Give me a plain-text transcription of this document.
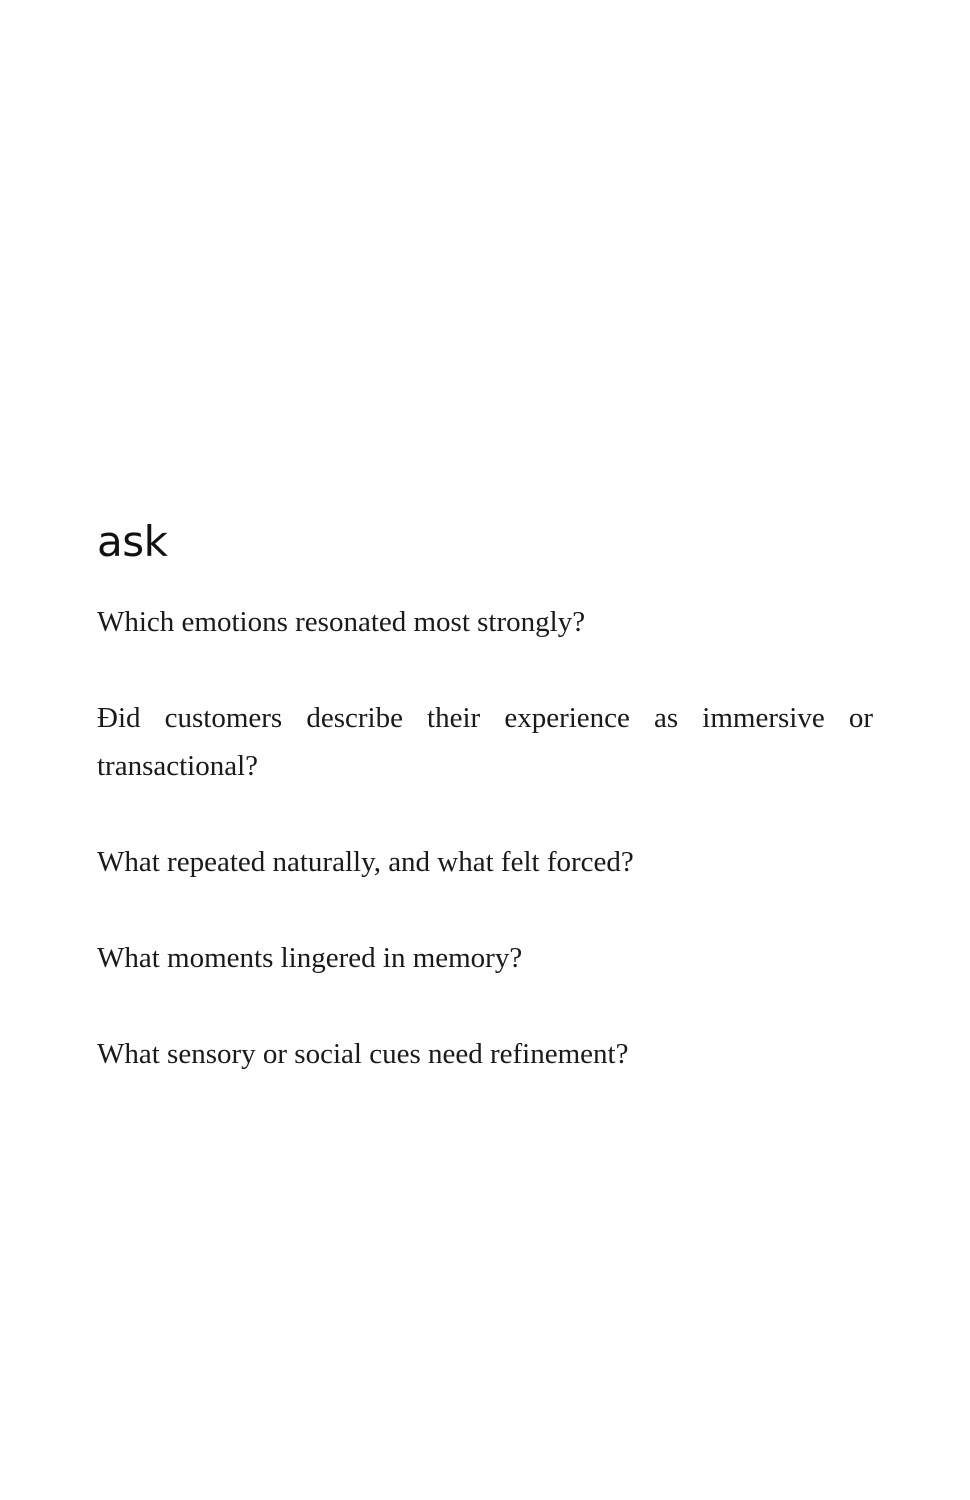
ask

Which emotions resonated most strongly?

Ɖid customers describe their experience as immersive or transactional?

What repeated naturally, and what felt forced?

What moments lingered in memory?

What sensory or social cues need refinement?
